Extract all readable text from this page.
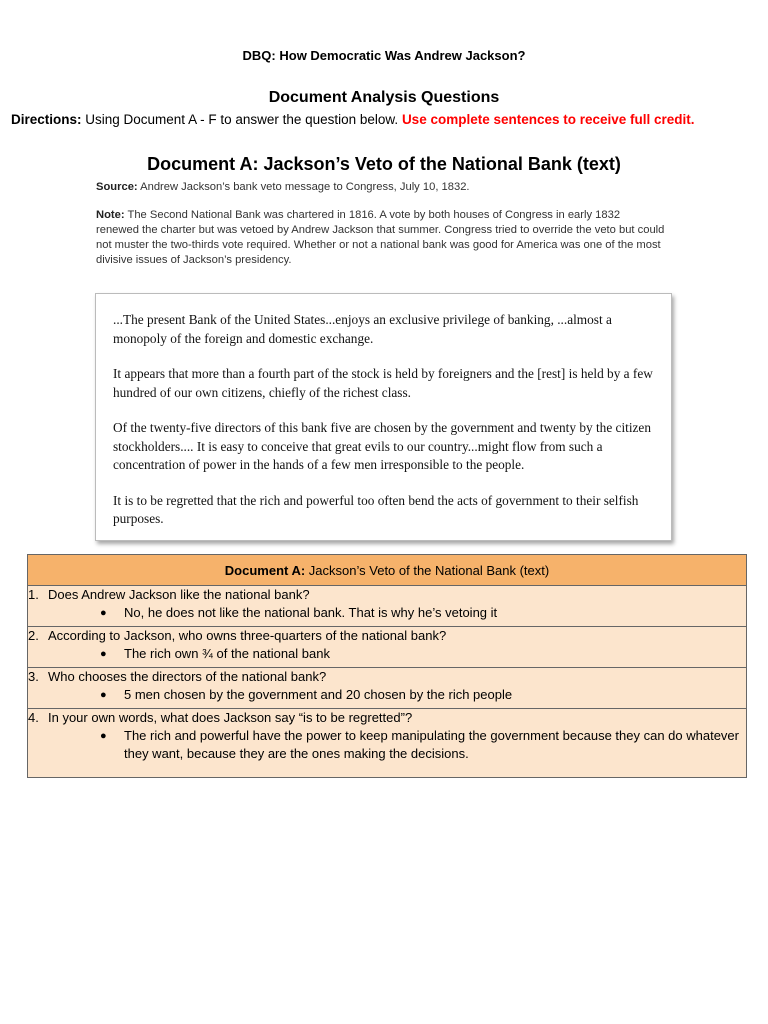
DBQ: How Democratic Was Andrew Jackson?
Document Analysis Questions
Directions: Using Document A - F to answer the question below. Use complete sentences to receive full credit.
Document A: Jackson’s Veto of the National Bank (text)
Source: Andrew Jackson’s bank veto message to Congress, July 10, 1832.
Note: The Second National Bank was chartered in 1816. A vote by both houses of Congress in early 1832 renewed the charter but was vetoed by Andrew Jackson that summer. Congress tried to override the veto but could not muster the two-thirds vote required. Whether or not a national bank was good for America was one of the most divisive issues of Jackson’s presidency.

...The present Bank of the United States...enjoys an exclusive privilege of banking, ...almost a monopoly of the foreign and domestic exchange.

It appears that more than a fourth part of the stock is held by foreigners and the [rest] is held by a few hundred of our own citizens, chiefly of the richest class.

Of the twenty-five directors of this bank five are chosen by the government and twenty by the citizen stockholders.... It is easy to conceive that great evils to our country...might flow from such a concentration of power in the hands of a few men irresponsible to the people.

It is to be regretted that the rich and powerful too often bend the acts of government to their selfish purposes.

Document A: Jackson’s Veto of the National Bank (text)

1. Does Andrew Jackson like the national bank?
● No, he does not like the national bank. That is why he’s vetoing it

2. According to Jackson, who owns three-quarters of the national bank?
● The rich own ¾ of the national bank

3. Who chooses the directors of the national bank?
● 5 men chosen by the government and 20 chosen by the rich people

4. In your own words, what does Jackson say “is to be regretted”?
● The rich and powerful have the power to keep manipulating the government because they can do whatever they want, because they are the ones making the decisions.
